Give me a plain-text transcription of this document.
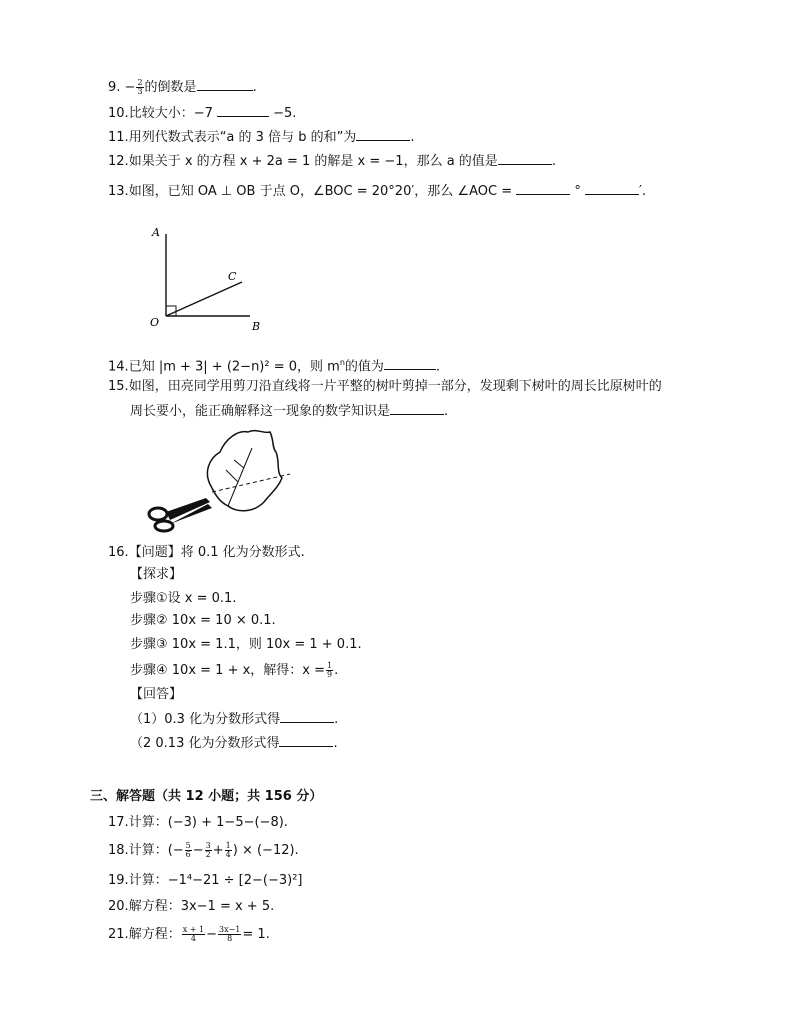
9. − $\frac{2}{3}$ 的倒数是	.
10.比较大小：−7	−5.
11.用列代数式表示“a 的 3 倍与 b 的和”为	.
12.如果关于 x 的方程 x + 2a = 1 的解是 x = −1，那么 a 的值是	.
13.如图，已知 OA ⊥ OB 于点 O，∠BOC = 20°20′，那么 ∠AOC =	°	′.
A
B
C
O
14.已知 |m + 3| + (2−n)² = 0，则 $m^n$的值为	.
15.如图，田亮同学用剪刀沿直线将一片平整的树叶剪掉一部分，发现剩下树叶的周长比原树叶的
周长要小，能正确解释这一现象的数学知识是	.
16.【问题】将 0.1 化为分数形式.
【探求】
步骤①设 x = 0.1.
步骤② 10x = 10 × 0.1.
步骤③ 10x = 1.1，则 10x = 1 + 0.1.
步骤④ 10x = 1 + x，解得：$x = \frac{1}{9}$ .
【回答】
（1）0.3 化为分数形式得	.
（2 0.13 化为分数形式得	.
三、解答题（共 12 小题；共 156 分）
17.计算：(−3) + 1−5−(−8).
18.计算：(− $\frac{5}{6} - \frac{3}{2} + \frac{1}{4}$ ) × (−12).
19.计算：−1⁴−21 ÷ [2−(−3)²]
20.解方程：3x−1 = x + 5.
21.解方程： $\frac{x + 1}{4} - \frac{3x-1}{8} = 1$.
